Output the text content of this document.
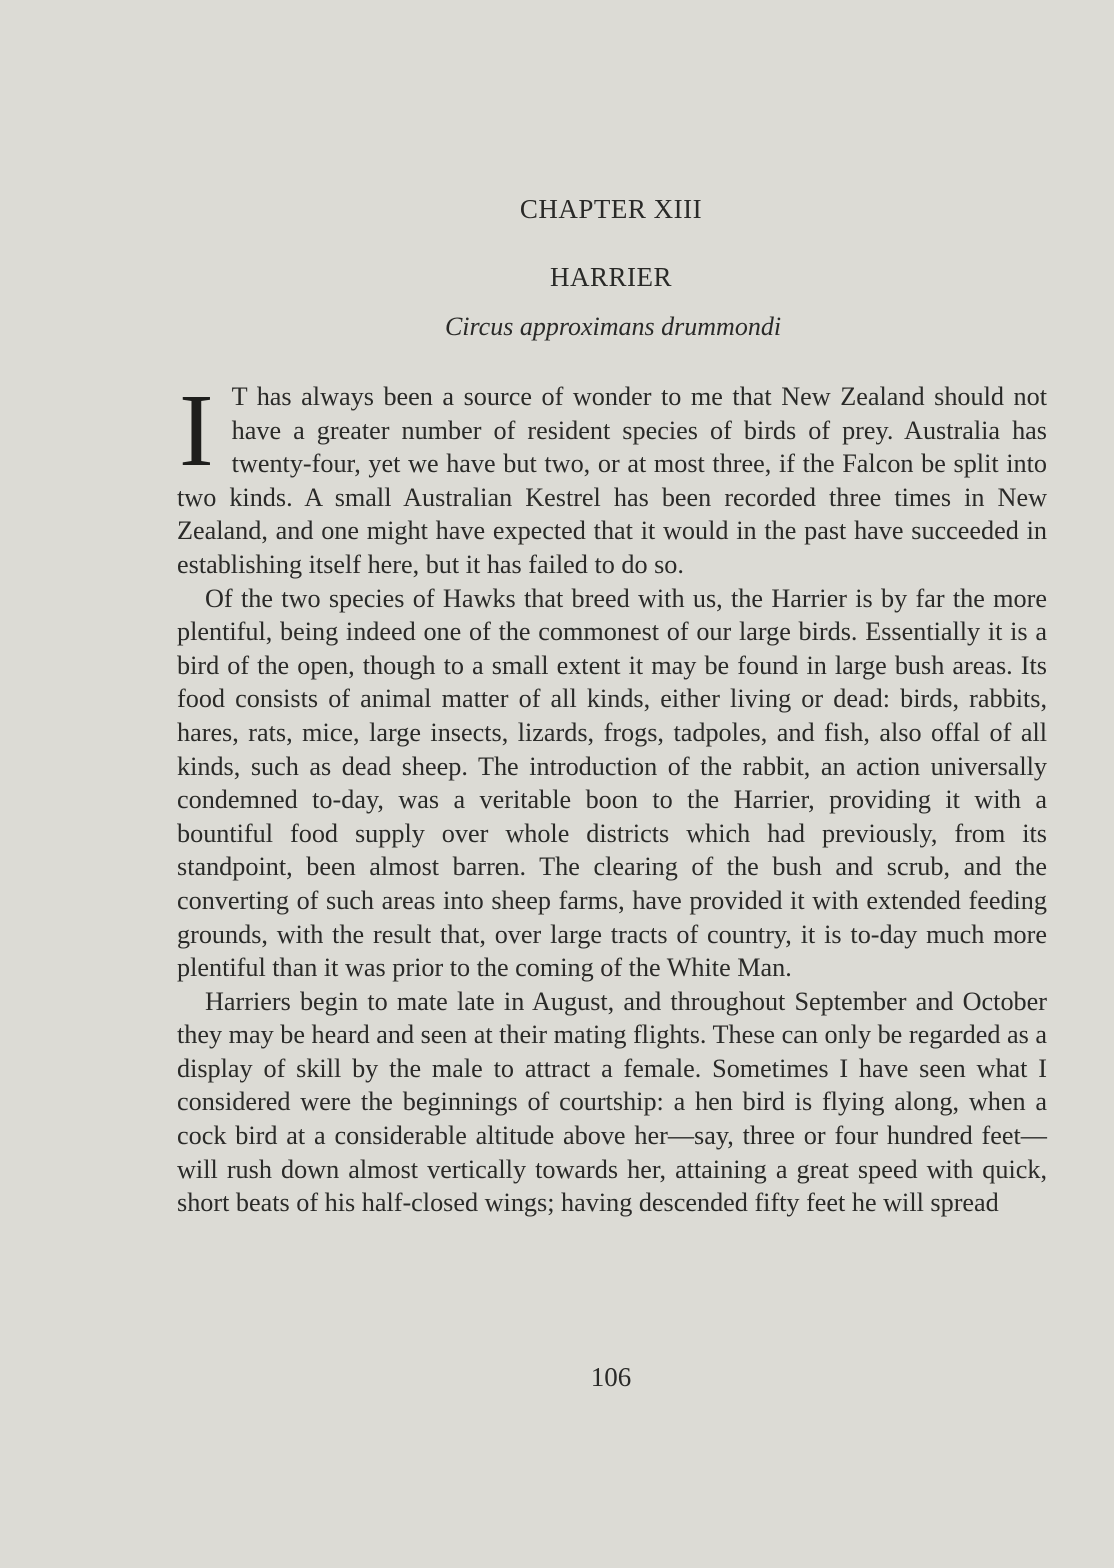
CHAPTER XIII
HARRIER
Circus approximans drummondi

I T has always been a source of wonder to me that New Zealand should not have a greater number of resident species of birds of prey. Australia has twenty-four, yet we have but two, or at most three, if the Falcon be split into two kinds. A small Australian Kestrel has been recorded three times in New Zealand, and one might have expected that it would in the past have succeeded in establishing itself here, but it has failed to do so.

Of the two species of Hawks that breed with us, the Harrier is by far the more plentiful, being indeed one of the commonest of our large birds. Essentially it is a bird of the open, though to a small extent it may be found in large bush areas. Its food consists of animal matter of all kinds, either living or dead: birds, rabbits, hares, rats, mice, large insects, lizards, frogs, tadpoles, and fish, also offal of all kinds, such as dead sheep. The introduction of the rabbit, an action universally condemned to-day, was a veritable boon to the Harrier, providing it with a bountiful food supply over whole districts which had previously, from its standpoint, been almost barren. The clearing of the bush and scrub, and the converting of such areas into sheep farms, have provided it with extended feeding grounds, with the result that, over large tracts of country, it is to-day much more plentiful than it was prior to the coming of the White Man.

Harriers begin to mate late in August, and throughout September and October they may be heard and seen at their mating flights. These can only be regarded as a display of skill by the male to attract a female. Sometimes I have seen what I considered were the beginnings of courtship: a hen bird is flying along, when a cock bird at a considerable altitude above her—say, three or four hundred feet—will rush down almost vertically towards her, attaining a great speed with quick, short beats of his half-closed wings; having descended fifty feet he will spread

106
